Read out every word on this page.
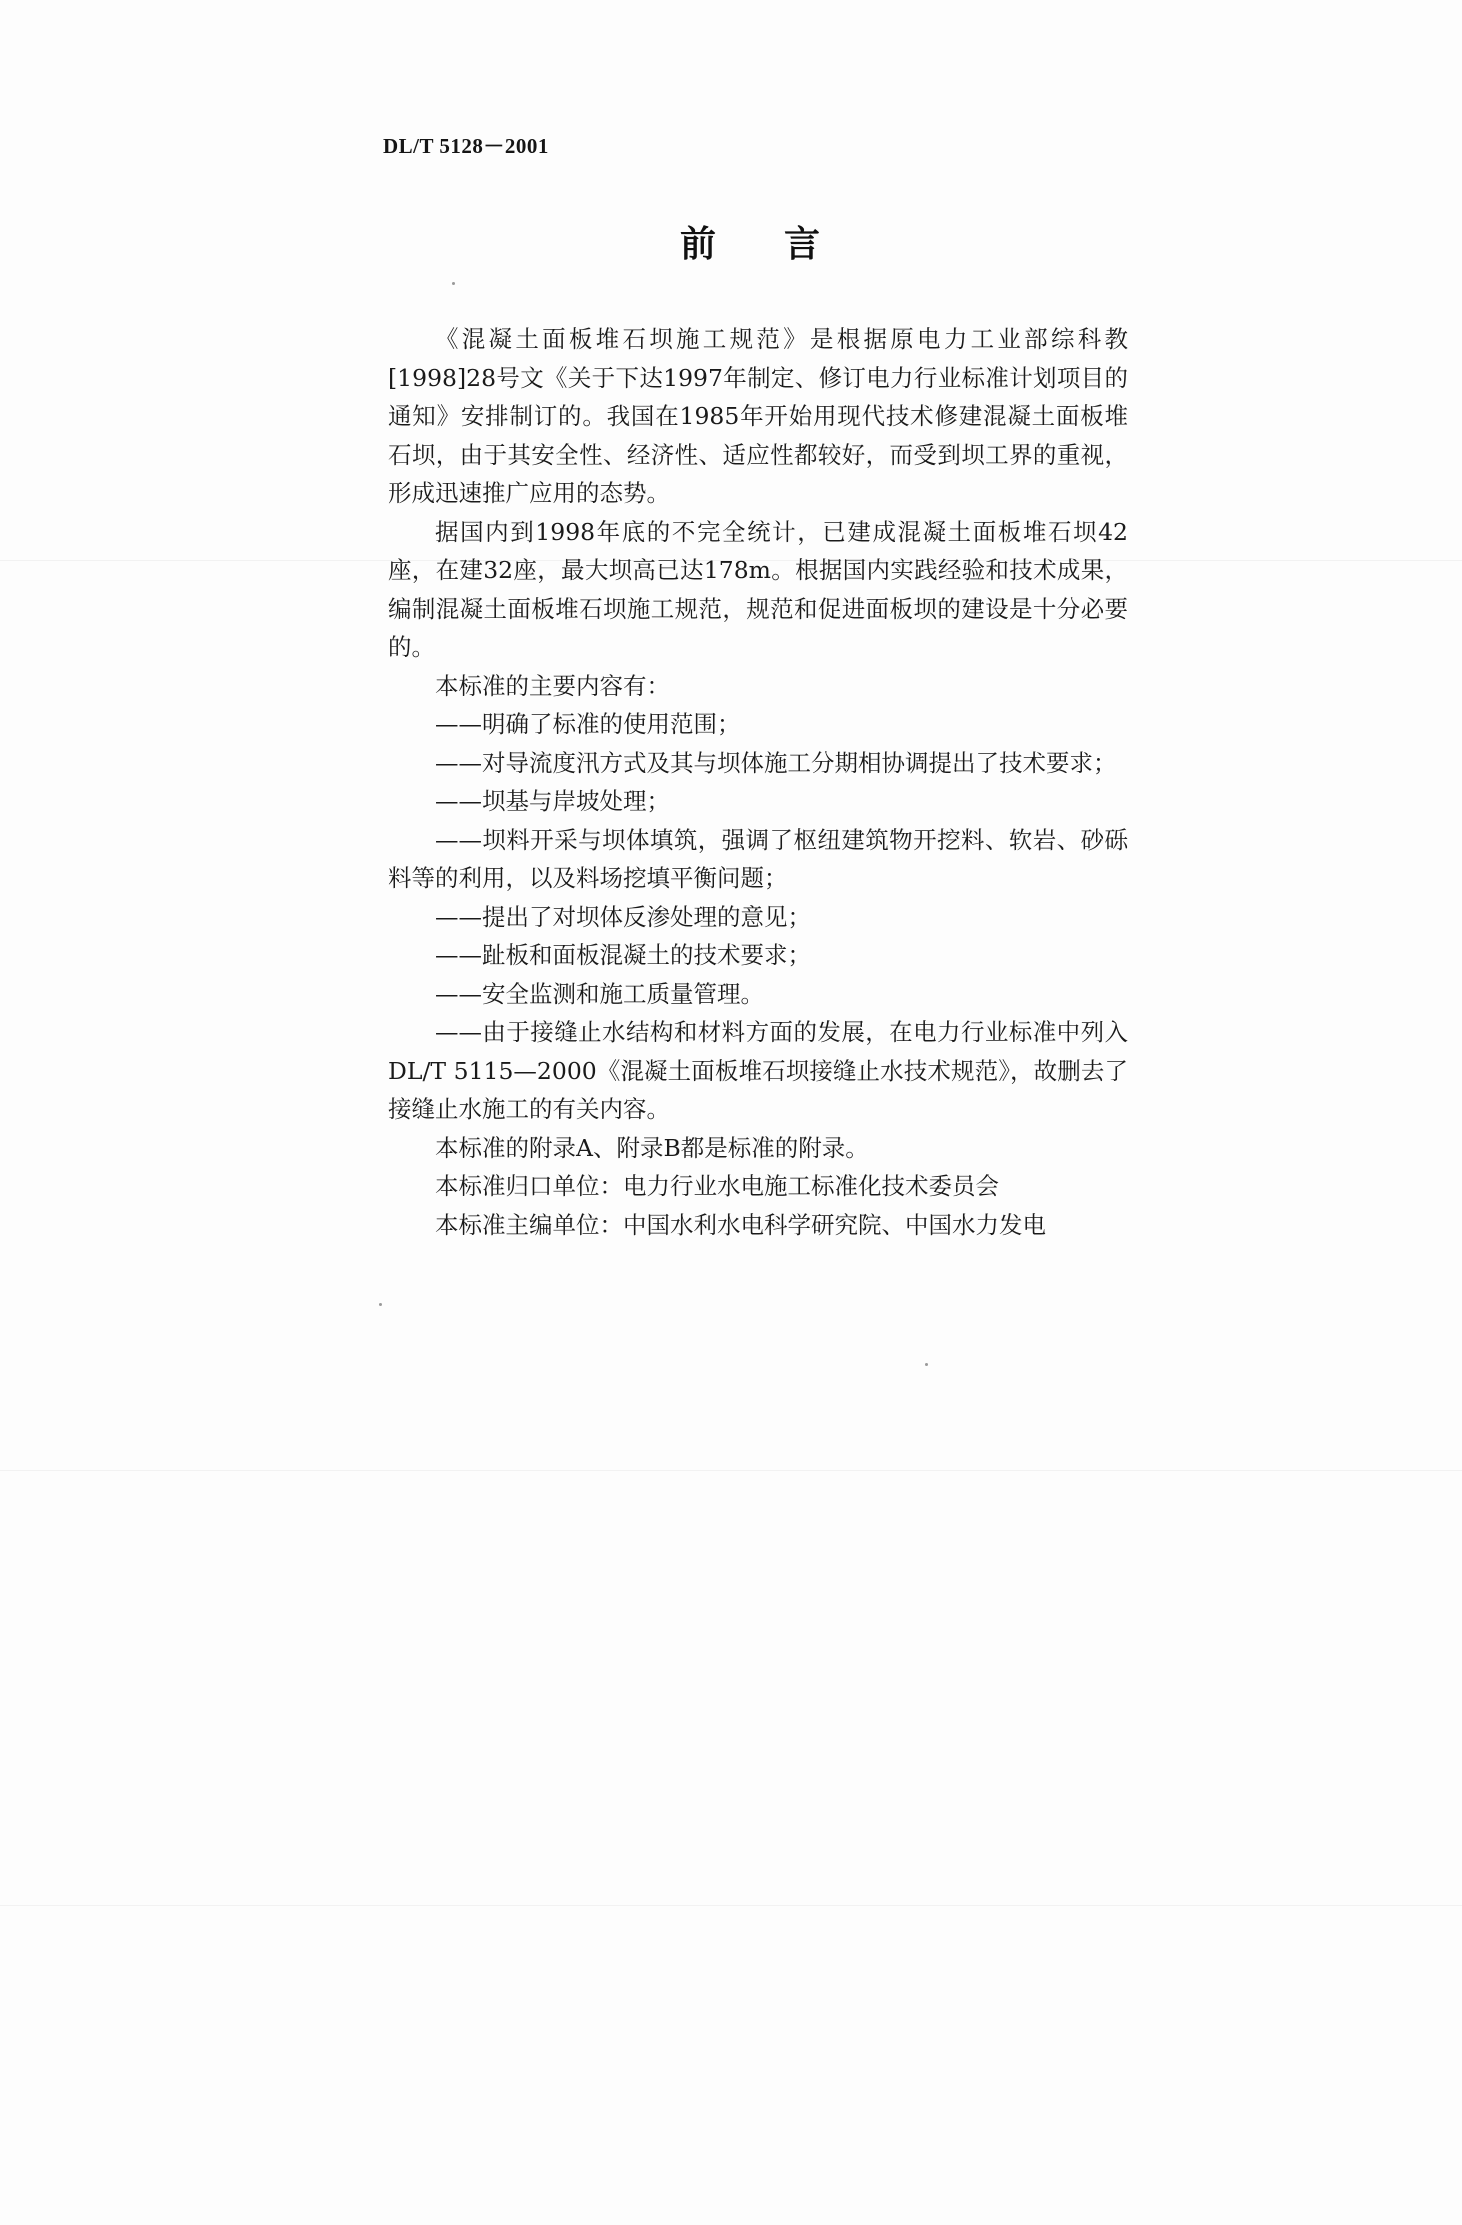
DL/T 5128－2001
前言

《混凝土面板堆石坝施工规范》是根据原电力工业部综科教[1998]28号文《关于下达1997年制定、修订电力行业标准计划项目的通知》安排制订的。我国在1985年开始用现代技术修建混凝土面板堆石坝，由于其安全性、经济性、适应性都较好，而受到坝工界的重视，形成迅速推广应用的态势。

据国内到1998年底的不完全统计，已建成混凝土面板堆石坝42座，在建32座，最大坝高已达178m。根据国内实践经验和技术成果，编制混凝土面板堆石坝施工规范，规范和促进面板坝的建设是十分必要的。

本标准的主要内容有：

——明确了标准的使用范围；

——对导流度汛方式及其与坝体施工分期相协调提出了技术要求；

——坝基与岸坡处理；

——坝料开采与坝体填筑，强调了枢纽建筑物开挖料、软岩、砂砾料等的利用，以及料场挖填平衡问题；

——提出了对坝体反渗处理的意见；

——趾板和面板混凝土的技术要求；

——安全监测和施工质量管理。

——由于接缝止水结构和材料方面的发展，在电力行业标准中列入DL/T 5115—2000《混凝土面板堆石坝接缝止水技术规范》，故删去了接缝止水施工的有关内容。

本标准的附录A、附录B都是标准的附录。

本标准归口单位：电力行业水电施工标准化技术委员会

本标准主编单位：中国水利水电科学研究院、中国水力发电
